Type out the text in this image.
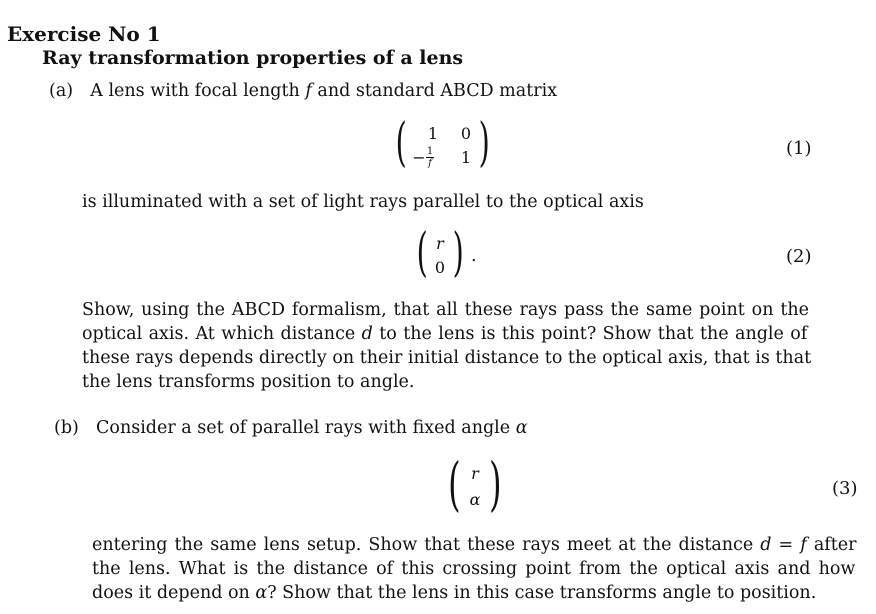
Exercise No 1
Ray transformation properties of a lens
(a) A lens with focal length f and standard ABCD matrix
( )
1	0
− 1
f	1	(1)
is illuminated with a set of light rays parallel to the optical axis
( )
r
0
.	(2)
Show, using the ABCD formalism, that all these rays pass the same point on the
optical axis. At which distance d to the lens is this point? Show that the angle of
these rays depends directly on their initial distance to the optical axis, that is that
the lens transforms position to angle.
(b) Consider a set of parallel rays with fixed angle α
( )
r
α
(3)
entering the same lens setup. Show that these rays meet at the distance d = f after
the lens. What is the distance of this crossing point from the optical axis and how
does it depend on α? Show that the lens in this case transforms angle to position.
